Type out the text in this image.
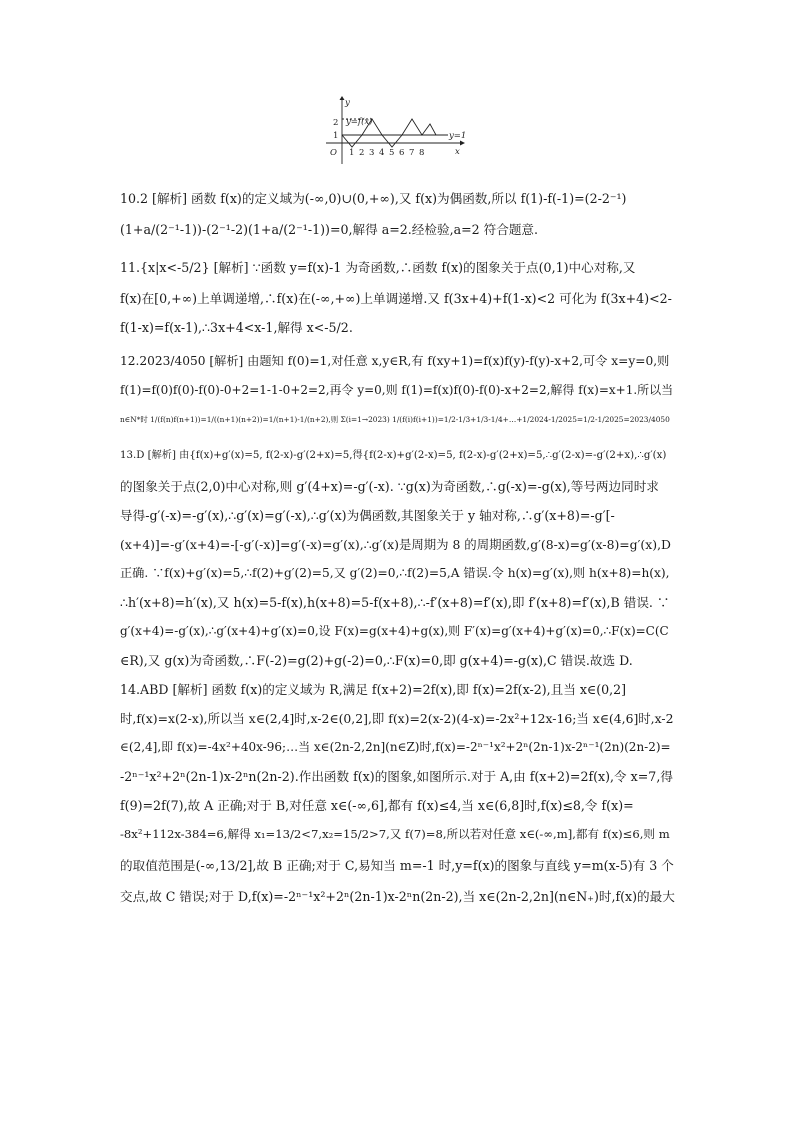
y
x
O
y=f(x)
y=1
2
1
1 2 3 4 5 6 7 8
10.2 [解析] 函数 f(x)的定义域为(-∞,0)∪(0,+∞),又 f(x)为偶函数,所以 f(1)-f(-1)=(2-2⁻¹)
(1+a/(2⁻¹-1))-(2⁻¹-2)(1+a/(2⁻¹-1))=0,解得 a=2.经检验,a=2 符合题意.
11.{x|x<-5/2} [解析] ∵函数 y=f(x)-1 为奇函数,∴函数 f(x)的图象关于点(0,1)中心对称,又
f(x)在[0,+∞)上单调递增,∴f(x)在(-∞,+∞)上单调递增.又 f(3x+4)+f(1-x)<2 可化为 f(3x+4)<2-
f(1-x)=f(x-1),∴3x+4<x-1,解得 x<-5/2.
12.2023/4050 [解析] 由题知 f(0)=1,对任意 x,y∈R,有 f(xy+1)=f(x)f(y)-f(y)-x+2,可令 x=y=0,则
f(1)=f(0)f(0)-f(0)-0+2=1-1-0+2=2,再令 y=0,则 f(1)=f(x)f(0)-f(0)-x+2=2,解得 f(x)=x+1.所以当
n∈N*时 1/(f(n)f(n+1))=1/((n+1)(n+2))=1/(n+1)-1/(n+2),则 Σ(i=1→2023) 1/(f(i)f(i+1))=1/2-1/3+1/3-1/4+…+1/2024-1/2025=1/2-1/2025=2023/4050
13.D [解析] 由{f(x)+g′(x)=5, f(2-x)-g′(2+x)=5,得{f(2-x)+g′(2-x)=5, f(2-x)-g′(2+x)=5,∴g′(2-x)=-g′(2+x),∴g′(x)
的图象关于点(2,0)中心对称,则 g′(4+x)=-g′(-x). ∵g(x)为奇函数,∴g(-x)=-g(x),等号两边同时求
导得-g′(-x)=-g′(x),∴g′(x)=g′(-x),∴g′(x)为偶函数,其图象关于 y 轴对称,∴g′(x+8)=-g′[-
(x+4)]=-g′(x+4)=-[-g′(-x)]=g′(-x)=g′(x),∴g′(x)是周期为 8 的周期函数,g′(8-x)=g′(x-8)=g′(x),D
正确. ∵f(x)+g′(x)=5,∴f(2)+g′(2)=5,又 g′(2)=0,∴f(2)=5,A 错误.令 h(x)=g′(x),则 h(x+8)=h(x),
∴h′(x+8)=h′(x),又 h(x)=5-f(x),h(x+8)=5-f(x+8),∴-f′(x+8)=f′(x),即 f′(x+8)=f′(x),B 错误. ∵
g′(x+4)=-g′(x),∴g′(x+4)+g′(x)=0,设 F(x)=g(x+4)+g(x),则 F′(x)=g′(x+4)+g′(x)=0,∴F(x)=C(C
∈R),又 g(x)为奇函数,∴F(-2)=g(2)+g(-2)=0,∴F(x)=0,即 g(x+4)=-g(x),C 错误.故选 D.
14.ABD [解析] 函数 f(x)的定义域为 R,满足 f(x+2)=2f(x),即 f(x)=2f(x-2),且当 x∈(0,2]
时,f(x)=x(2-x),所以当 x∈(2,4]时,x-2∈(0,2],即 f(x)=2(x-2)(4-x)=-2x²+12x-16;当 x∈(4,6]时,x-2
∈(2,4],即 f(x)=-4x²+40x-96;…当 x∈(2n-2,2n](n∈Z)时,f(x)=-2ⁿ⁻¹x²+2ⁿ(2n-1)x-2ⁿ⁻¹(2n)(2n-2)=
-2ⁿ⁻¹x²+2ⁿ(2n-1)x-2ⁿn(2n-2).作出函数 f(x)的图象,如图所示.对于 A,由 f(x+2)=2f(x),令 x=7,得
f(9)=2f(7),故 A 正确;对于 B,对任意 x∈(-∞,6],都有 f(x)≤4,当 x∈(6,8]时,f(x)≤8,令 f(x)=
-8x²+112x-384=6,解得 x₁=13/2<7,x₂=15/2>7,又 f(7)=8,所以若对任意 x∈(-∞,m],都有 f(x)≤6,则 m
的取值范围是(-∞,13/2],故 B 正确;对于 C,易知当 m=-1 时,y=f(x)的图象与直线 y=m(x-5)有 3 个
交点,故 C 错误;对于 D,f(x)=-2ⁿ⁻¹x²+2ⁿ(2n-1)x-2ⁿn(2n-2),当 x∈(2n-2,2n](n∈N₊)时,f(x)的最大
